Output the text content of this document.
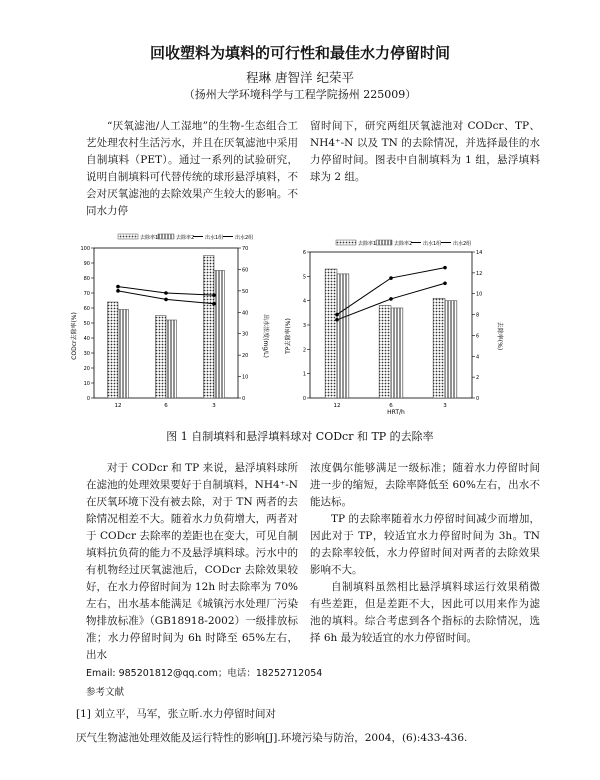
回收塑料为填料的可行性和最佳水力停留时间
程琳 唐智洋 纪荣平
（扬州大学环境科学与工程学院扬州 225009）

“厌氧滤池/人工湿地”的生物-生态组合工艺处理农村生活污水，并且在厌氧滤池中采用自制填料（PET）。通过一系列的试验研究，说明自制填料可代替传统的球形悬浮填料，不会对厌氧滤池的去除效果产生较大的影响。不同水力停

留时间下，研究两组厌氧滤池对 CODcr、TP、NH4⁺-N 以及 TN 的去除情况，并选择最佳的水力停留时间。图表中自制填料为 1 组，悬浮填料球为 2 组。

去除率1	去除率2 出水1组 出水2组
0
10
20
30
40
50
60
70
80
90
100
0
10
20
30
40
50
60
70
12	6	3
CODcr去除率(%)	出水浓度(mg/L)
去除率1	去除率2 出水1组 出水2组
0
1
2
3
4
5
6
0
2
4
6
8
10
12
14
12	6	3
TP去除率(%)	去除率(%)
HRT/h
图 1 自制填料和悬浮填料球对 CODcr 和 TP 的去除率

对于 CODcr 和 TP 来说，悬浮填料球所在滤池的处理效果要好于自制填料，NH4⁺-N 在厌氧环境下没有被去除，对于 TN 两者的去除情况相差不大。随着水力负荷增大，两者对于 CODcr 去除率的差距也在变大，可见自制填料抗负荷的能力不及悬浮填料球。污水中的有机物经过厌氧滤池后，CODcr 去除效果较好，在水力停留时间为 12h 时去除率为 70%左右，出水基本能满足《城镇污水处理厂污染物排放标准》（GB18918-2002）一级排放标准；水力停留时间为 6h 时降至 65%左右，出水

浓度偶尔能够满足一级标准；随着水力停留时间进一步的缩短，去除率降低至 60%左右，出水不能达标。
TP 的去除率随着水力停留时间减少而增加，因此对于 TP，较适宜水力停留时间为 3h。TN 的去除率较低，水力停留时间对两者的去除效果影响不大。
自制填料虽然相比悬浮填料球运行效果稍微有些差距，但是差距不大，因此可以用来作为滤池的填料。综合考虑到各个指标的去除情况，选择 6h 最为较适宜的水力停留时间。
Email: 985201812@qq.com；电话：18252712054
参考文献
[1] 刘立平，马军，张立昕.水力停留时间对
厌气生物滤池处理效能及运行特性的影响[J].环境污染与防治，2004，(6):433-436.
